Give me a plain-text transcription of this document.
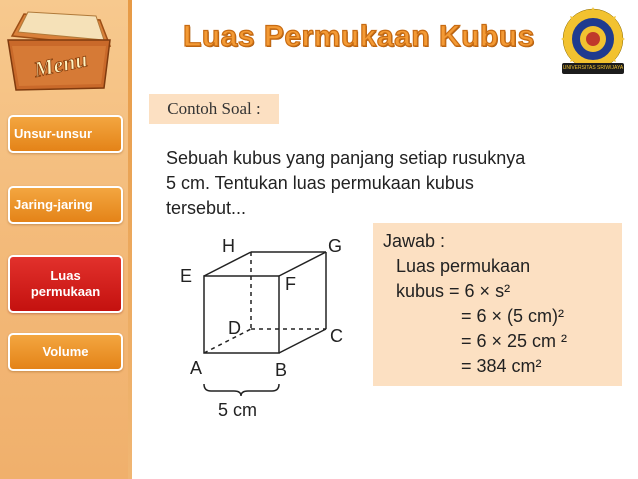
Menu
Unsur-unsur
Jaring-jaring
Luas permukaan
Volume
Luas Permukaan Kubus
UNIVERSITAS SRIWIJAYA
Contoh Soal :
Sebuah kubus yang panjang setiap rusuknya
5 cm. Tentukan luas permukaan kubus
tersebut...
H	G
E	F
D	C
A	B
5 cm
Jawab :
Luas permukaan
kubus = 6 × s²
= 6 × (5 cm)²
= 6 × 25 cm ²
= 384 cm²
